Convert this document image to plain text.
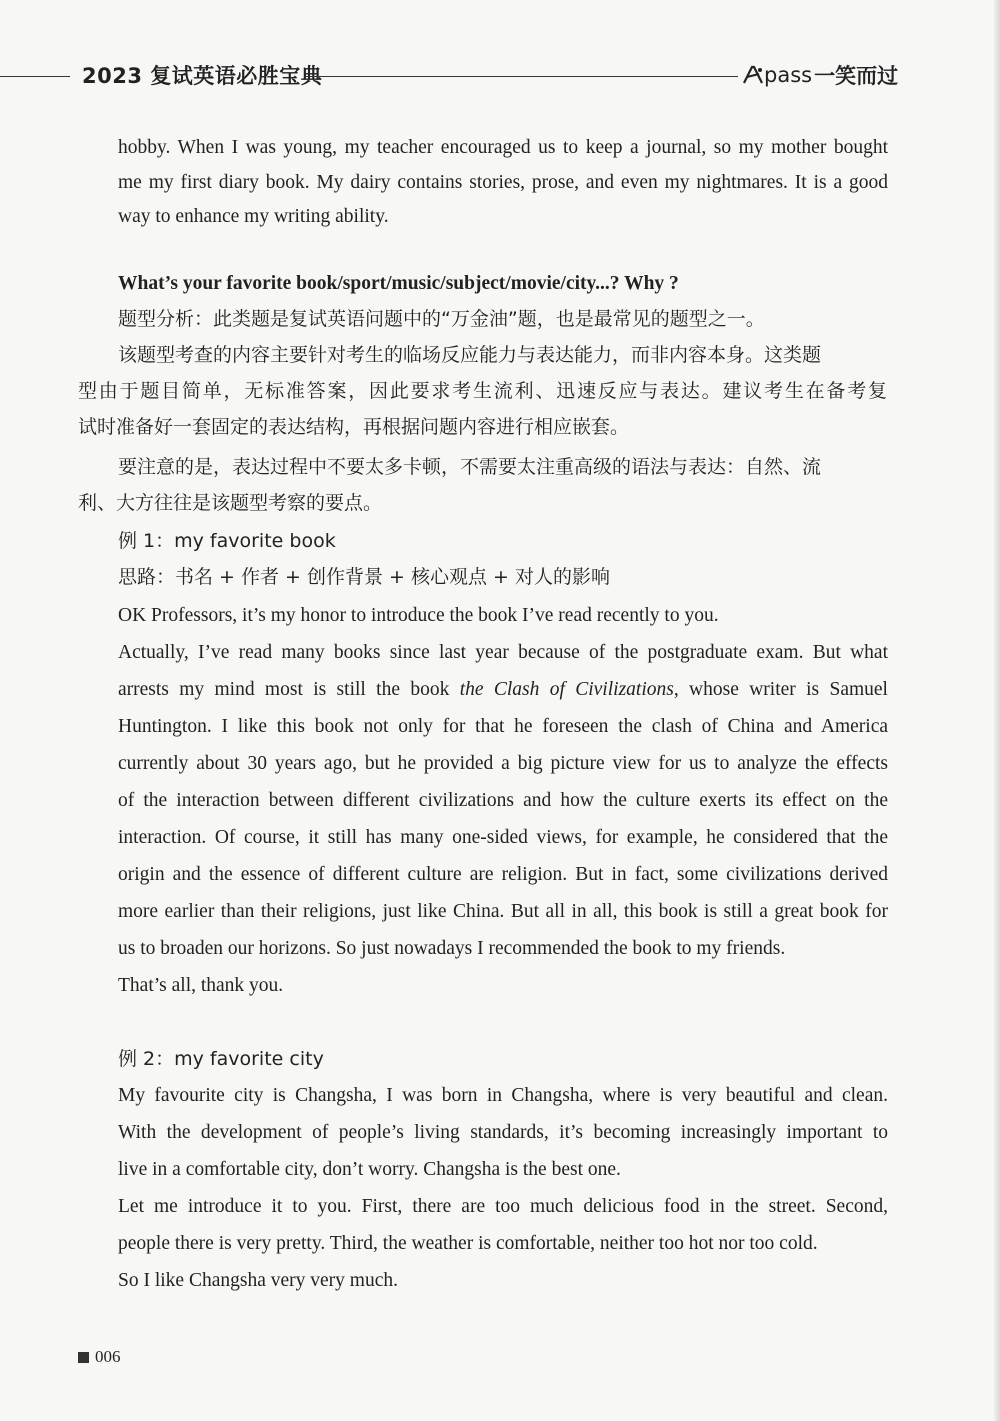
2023 复试英语必胜宝典	pass 一笑而过
hobby. When I was young, my teacher encouraged us to keep a journal, so my mother bought
me my first diary book. My dairy contains stories, prose, and even my nightmares. It is a good
way to enhance my writing ability.
What’s your favorite book/sport/music/subject/movie/city...? Why ?
题型分析：此类题是复试英语问题中的“万金油”题，也是最常见的题型之一。
该题型考查的内容主要针对考生的临场反应能力与表达能力，而非内容本身。这类题
型由于题目简单，无标准答案，因此要求考生流利、迅速反应与表达。建议考生在备考复
试时准备好一套固定的表达结构，再根据问题内容进行相应嵌套。
要注意的是，表达过程中不要太多卡顿，不需要太注重高级的语法与表达：自然、流
利、大方往往是该题型考察的要点。
例 1：my favorite book
思路：书名 + 作者 + 创作背景 + 核心观点 + 对人的影响
OK Professors, it’s my honor to introduce the book I’ve read recently to you.
Actually, I’ve read many books since last year because of the postgraduate exam. But what
arrests my mind most is still the book the Clash of Civilizations, whose writer is Samuel
Huntington. I like this book not only for that he foreseen the clash of China and America
currently about 30 years ago, but he provided a big picture view for us to analyze the effects
of the interaction between different civilizations and how the culture exerts its effect on the
interaction. Of course, it still has many one-sided views, for example, he considered that the
origin and the essence of different culture are religion. But in fact, some civilizations derived
more earlier than their religions, just like China. But all in all, this book is still a great book for
us to broaden our horizons. So just nowadays I recommended the book to my friends.
That’s all, thank you.
例 2：my favorite city
My favourite city is Changsha, I was born in Changsha, where is very beautiful and clean.
With the development of people’s living standards, it’s becoming increasingly important to
live in a comfortable city, don’t worry. Changsha is the best one.
Let me introduce it to you. First, there are too much delicious food in the street. Second,
people there is very pretty. Third, the weather is comfortable, neither too hot nor too cold.
So I like Changsha very very much.
006
